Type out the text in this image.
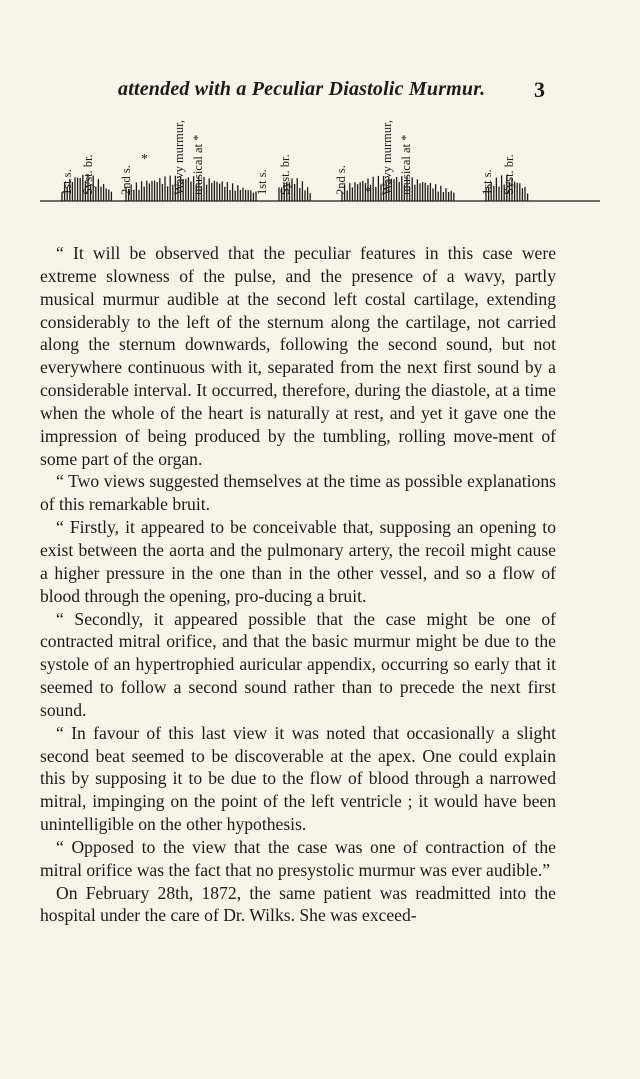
attended with a Peculiar Diastolic Murmur. 3
1st s. Syst. br. 2nd s.	Wavy murmur, musical at *	1st s. Syst. br.	2nd s.	Wavy murmur, musical at *	1st s. Syst. br.
*
*

“ It will be observed that the peculiar features in this case were extreme slowness of the pulse, and the presence of a wavy, partly musical murmur audible at the second left costal cartilage, extending considerably to the left of the sternum along the cartilage, not carried along the sternum downwards, following the second sound, but not everywhere continuous with it, separated from the next first sound by a considerable interval. It occurred, therefore, during the diastole, at a time when the whole of the heart is naturally at rest, and yet it gave one the impression of being produced by the tumbling, rolling move-ment of some part of the organ.

“ Two views suggested themselves at the time as possible explanations of this remarkable bruit.

“ Firstly, it appeared to be conceivable that, supposing an opening to exist between the aorta and the pulmonary artery, the recoil might cause a higher pressure in the one than in the other vessel, and so a flow of blood through the opening, pro-ducing a bruit.

“ Secondly, it appeared possible that the case might be one of contracted mitral orifice, and that the basic murmur might be due to the systole of an hypertrophied auricular appendix, occurring so early that it seemed to follow a second sound rather than to precede the next first sound.

“ In favour of this last view it was noted that occasionally a slight second beat seemed to be discoverable at the apex. One could explain this by supposing it to be due to the flow of blood through a narrowed mitral, impinging on the point of the left ventricle ; it would have been unintelligible on the other hypothesis.

“ Opposed to the view that the case was one of contraction of the mitral orifice was the fact that no presystolic murmur was ever audible.”

On February 28th, 1872, the same patient was readmitted into the hospital under the care of Dr. Wilks. She was exceed-
